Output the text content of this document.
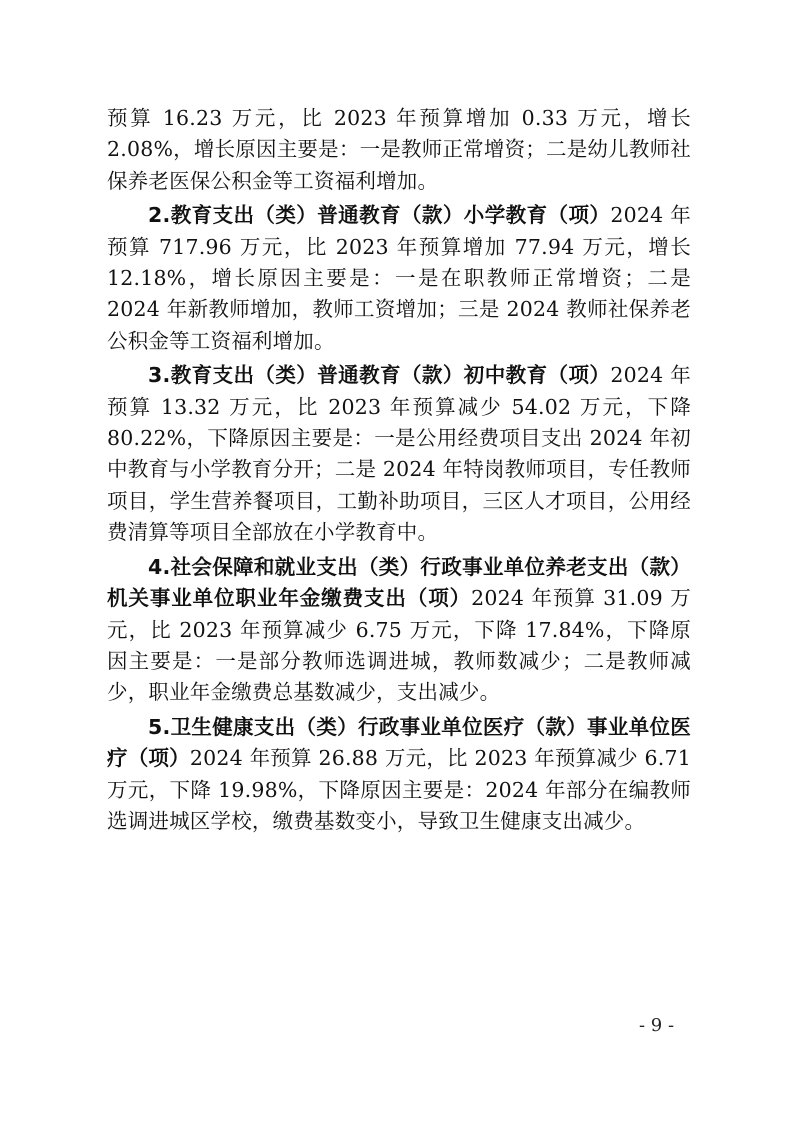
预算 16.23 万元，比 2023 年预算增加 0.33 万元，增长 2.08%，增长原因主要是：一是教师正常增资；二是幼儿教师社保养老医保公积金等工资福利增加。

2.教育支出（类）普通教育（款）小学教育（项）2024 年预算 717.96 万元，比 2023 年预算增加 77.94 万元，增长 12.18%，增长原因主要是：一是在职教师正常增资；二是 2024 年新教师增加，教师工资增加；三是 2024 教师社保养老公积金等工资福利增加。

3.教育支出（类）普通教育（款）初中教育（项）2024 年预算 13.32 万元，比 2023 年预算减少 54.02 万元，下降 80.22%，下降原因主要是：一是公用经费项目支出 2024 年初中教育与小学教育分开；二是 2024 年特岗教师项目，专任教师项目，学生营养餐项目，工勤补助项目，三区人才项目，公用经费清算等项目全部放在小学教育中。

4.社会保障和就业支出（类）行政事业单位养老支出（款）机关事业单位职业年金缴费支出（项）2024 年预算 31.09 万元，比 2023 年预算减少 6.75 万元，下降 17.84%，下降原因主要是：一是部分教师选调进城，教师数减少；二是教师减少，职业年金缴费总基数减少，支出减少。

5.卫生健康支出（类）行政事业单位医疗（款）事业单位医疗（项）2024 年预算 26.88 万元，比 2023 年预算减少 6.71 万元，下降 19.98%，下降原因主要是：2024 年部分在编教师选调进城区学校，缴费基数变小，导致卫生健康支出减少。

- 9 -
